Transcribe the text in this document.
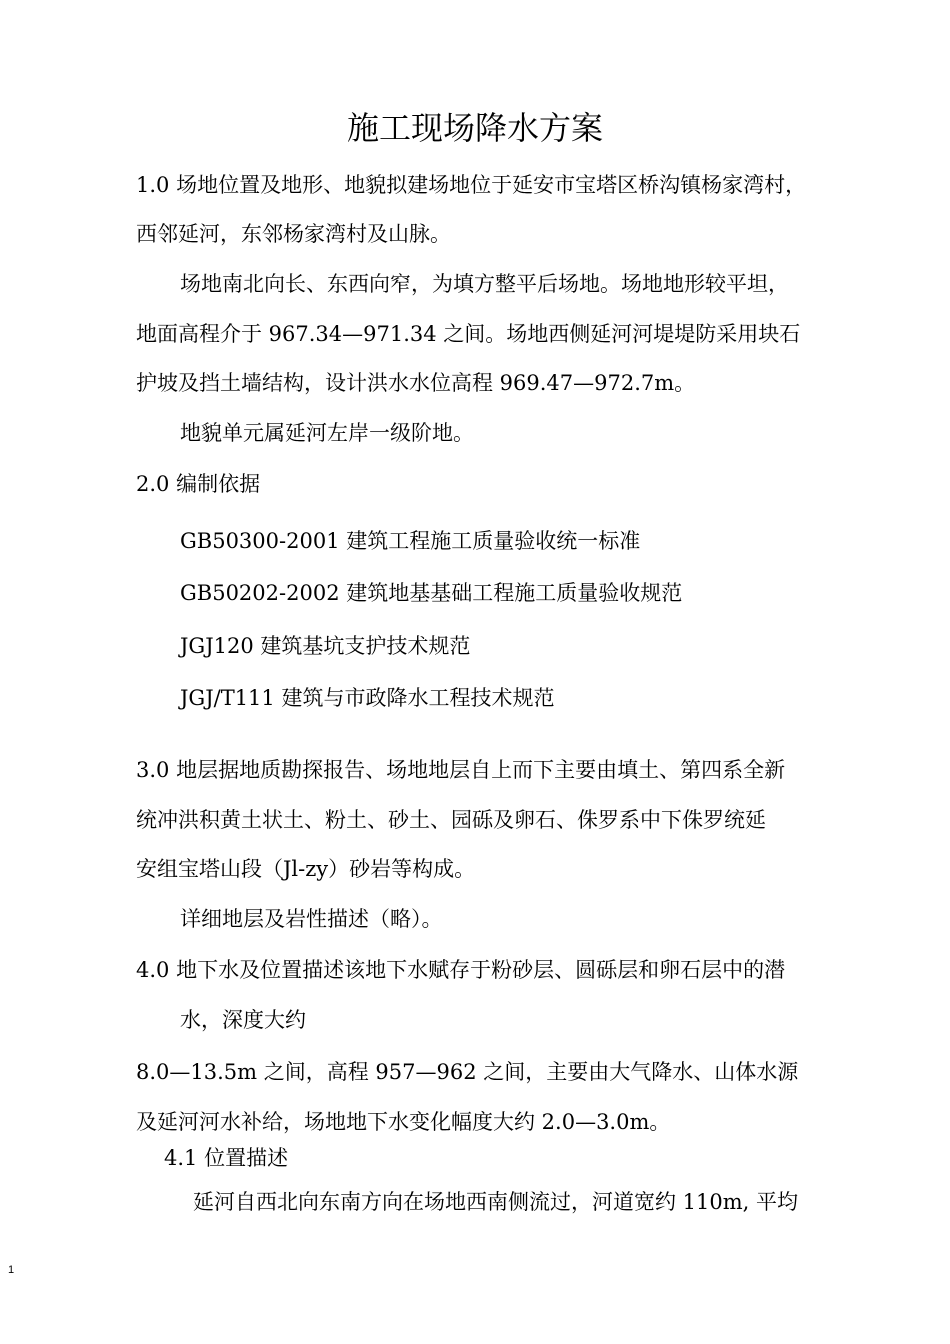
施工现场降水方案
1.0 场地位置及地形、地貌拟建场地位于延安市宝塔区桥沟镇杨家湾村，
西邻延河，东邻杨家湾村及山脉。
场地南北向长、东西向窄，为填方整平后场地。场地地形较平坦，
地面高程介于 967.34—971.34 之间。场地西侧延河河堤堤防采用块石
护坡及挡土墙结构，设计洪水水位高程 969.47—972.7m。
地貌单元属延河左岸一级阶地。
2.0 编制依据
GB50300-2001 建筑工程施工质量验收统一标准
GB50202-2002 建筑地基基础工程施工质量验收规范
JGJ120 建筑基坑支护技术规范
JGJ/T111 建筑与市政降水工程技术规范
3.0 地层据地质勘探报告、场地地层自上而下主要由填土、第四系全新
统冲洪积黄土状土、粉土、砂土、园砾及卵石、侏罗系中下侏罗统延
安组宝塔山段（Jl-zy）砂岩等构成。
详细地层及岩性描述（略）。
4.0 地下水及位置描述该地下水赋存于粉砂层、圆砾层和卵石层中的潜
水，深度大约
8.0—13.5m 之间，高程 957—962 之间，主要由大气降水、山体水源
及延河河水补给，场地地下水变化幅度大约 2.0—3.0m。
4.1 位置描述
延河自西北向东南方向在场地西南侧流过，河道宽约 110m, 平均
1
